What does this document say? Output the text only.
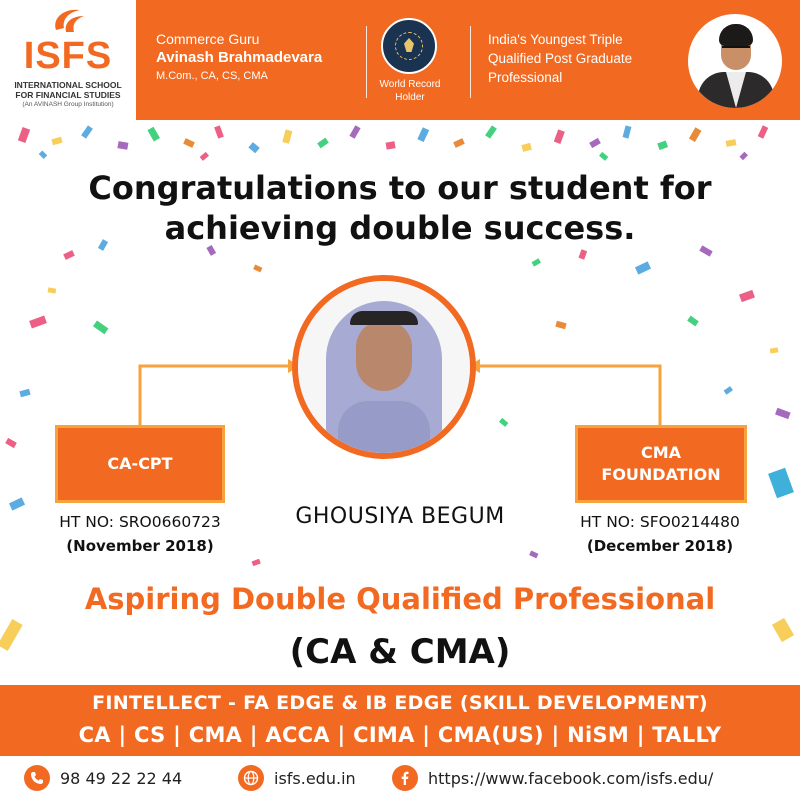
ISFS
INTERNATIONAL SCHOOL FOR FINANCIAL STUDIES
(An AVINASH Group Institution)
Commerce Guru
Avinash Brahmadevara
M.Com., CA, CS, CMA
World Record Holder
India's Youngest Triple Qualified Post Graduate Professional
Congratulations to our student for achieving double success.
CA-CPT
CMA
FOUNDATION
HT NO: SRO0660723
(November 2018)
GHOUSIYA BEGUM	HT NO: SFO0214480
(December 2018)
Aspiring Double Qualified Professional
(CA & CMA)
FINTELLECT - FA EDGE & IB EDGE (SKILL DEVELOPMENT)
CA | CS | CMA | ACCA | CIMA | CMA(US) | NiSM | TALLY
98 49 22 22 44	isfs.edu.in	https://www.facebook.com/isfs.edu/
